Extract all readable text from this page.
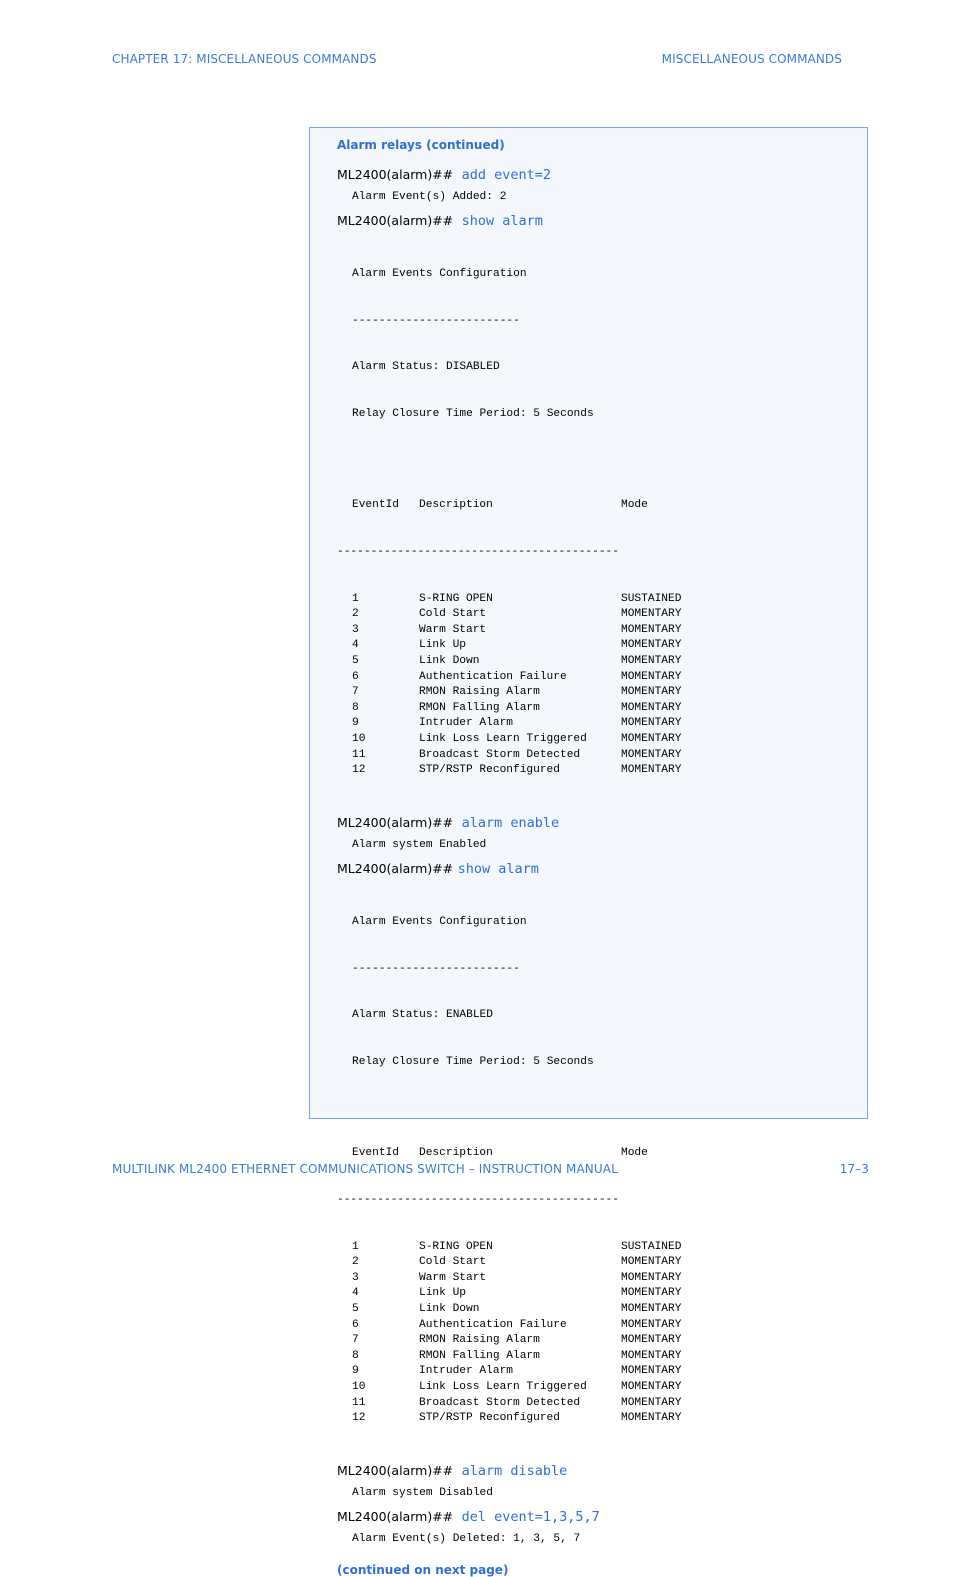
CHAPTER 17: MISCELLANEOUS COMMANDS	MISCELLANEOUS COMMANDS
Alarm relays (continued)
ML2400(alarm)## add event=2
Alarm Event(s) Added: 2
ML2400(alarm)## show alarm

Alarm Events Configuration

-------------------------

Alarm Status: DISABLED

Relay Closure Time Period: 5 Seconds

EventId	Description	Mode

------------------------------------------

1	S-RING OPEN	SUSTAINED
2	Cold Start	MOMENTARY
3	Warm Start	MOMENTARY
4	Link Up	MOMENTARY
5	Link Down	MOMENTARY
6	Authentication Failure	MOMENTARY
7	RMON Raising Alarm	MOMENTARY
8	RMON Falling Alarm	MOMENTARY
9	Intruder Alarm	MOMENTARY
10	Link Loss Learn Triggered	MOMENTARY
11	Broadcast Storm Detected	MOMENTARY
12	STP/RSTP Reconfigured	MOMENTARY

ML2400(alarm)## alarm enable
Alarm system Enabled
ML2400(alarm)## show alarm

Alarm Events Configuration

-------------------------

Alarm Status: ENABLED

Relay Closure Time Period: 5 Seconds

EventId	Description	Mode

------------------------------------------

1	S-RING OPEN	SUSTAINED
2	Cold Start	MOMENTARY
3	Warm Start	MOMENTARY
4	Link Up	MOMENTARY
5	Link Down	MOMENTARY
6	Authentication Failure	MOMENTARY
7	RMON Raising Alarm	MOMENTARY
8	RMON Falling Alarm	MOMENTARY
9	Intruder Alarm	MOMENTARY
10	Link Loss Learn Triggered	MOMENTARY
11	Broadcast Storm Detected	MOMENTARY
12	STP/RSTP Reconfigured	MOMENTARY

ML2400(alarm)## alarm disable
Alarm system Disabled
ML2400(alarm)## del event=1,3,5,7
Alarm Event(s) Deleted: 1, 3, 5, 7
(continued on next page)
MULTILINK ML2400 ETHERNET COMMUNICATIONS SWITCH – INSTRUCTION MANUAL	17–3
